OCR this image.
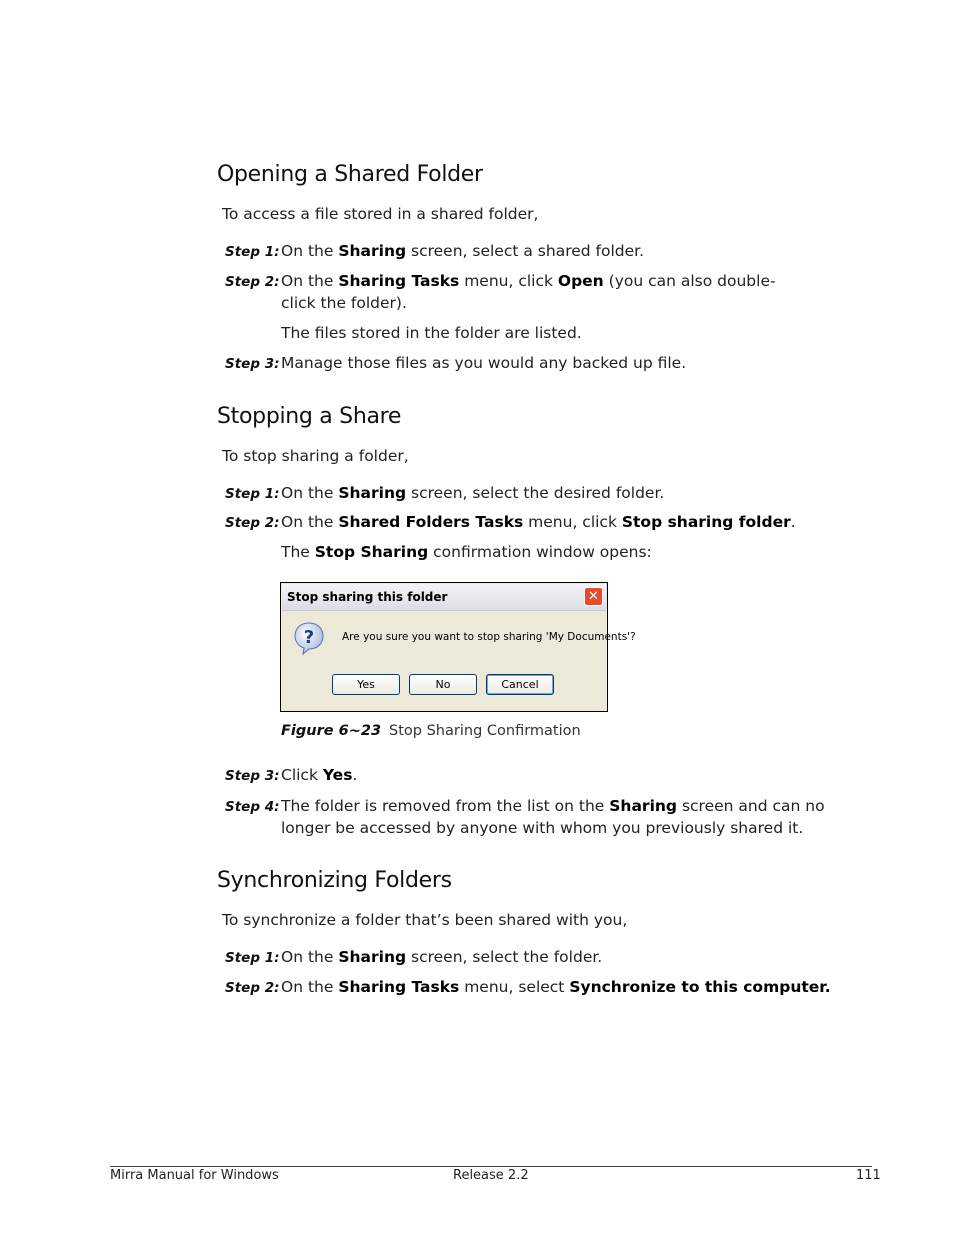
Opening a Shared Folder
To access a file stored in a shared folder,
Step 1: On the Sharing screen, select a shared folder.
Step 2: On the Sharing Tasks menu, click Open (you can also double-click the folder).
The files stored in the folder are listed.
Step 3: Manage those files as you would any backed up file.
Stopping a Share
To stop sharing a folder,
Step 1: On the Sharing screen, select the desired folder.
Step 2: On the Shared Folders Tasks menu, click Stop sharing folder.
The Stop Sharing confirmation window opens:
Stop sharing this folder	✕
?	Are you sure you want to stop sharing 'My Documents'?
Yes	No	Cancel
Figure 6~23 Stop Sharing Confirmation
Step 3: Click Yes.
Step 4: The folder is removed from the list on the Sharing screen and can no longer be accessed by anyone with whom you previously shared it.
Synchronizing Folders
To synchronize a folder that’s been shared with you,
Step 1: On the Sharing screen, select the folder.
Step 2: On the Sharing Tasks menu, select Synchronize to this computer.
Mirra Manual for Windows	Release 2.2	111
